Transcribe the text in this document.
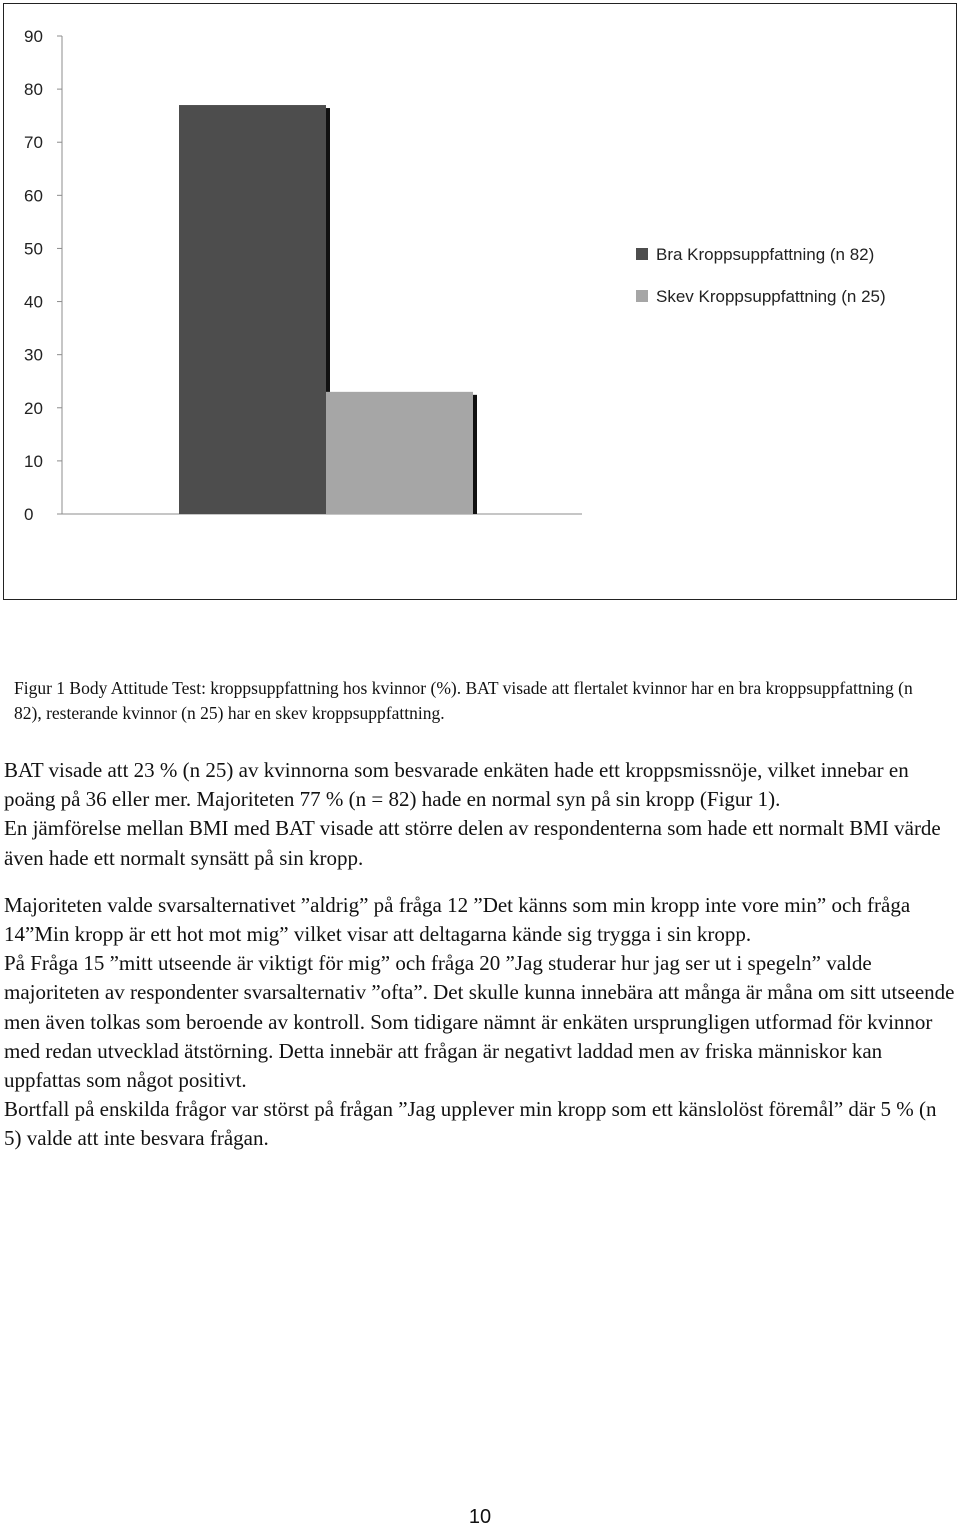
0
10
20
30
40
50
60
70
80
90
Bra Kroppsuppfattning (n 82)
Skev Kroppsuppfattning (n 25)

Figur 1 Body Attitude Test: kroppsuppfattning hos kvinnor (%). BAT visade att flertalet kvinnor har en bra kroppsuppfattning (n 82), resterande kvinnor (n 25) har en skev kroppsuppfattning.

BAT visade att 23 % (n 25) av kvinnorna som besvarade enkäten hade ett kroppsmissnöje, vilket innebar en poäng på 36 eller mer. Majoriteten 77 % (n = 82) hade en normal syn på sin kropp (Figur 1).

En jämförelse mellan BMI med BAT visade att större delen av respondenterna som hade ett normalt BMI värde även hade ett normalt synsätt på sin kropp.

Majoriteten valde svarsalternativet ”aldrig” på fråga 12 ”Det känns som min kropp inte vore min” och fråga 14”Min kropp är ett hot mot mig” vilket visar att deltagarna kände sig trygga i sin kropp.

På Fråga 15 ”mitt utseende är viktigt för mig” och fråga 20 ”Jag studerar hur jag ser ut i spegeln” valde majoriteten av respondenter svarsalternativ ”ofta”. Det skulle kunna innebära att många är måna om sitt utseende men även tolkas som beroende av kontroll. Som tidigare nämnt är enkäten ursprungligen utformad för kvinnor med redan utvecklad ätstörning. Detta innebär att frågan är negativt laddad men av friska människor kan uppfattas som något positivt.

Bortfall på enskilda frågor var störst på frågan ”Jag upplever min kropp som ett känslolöst föremål” där 5 % (n 5) valde att inte besvara frågan.

10
